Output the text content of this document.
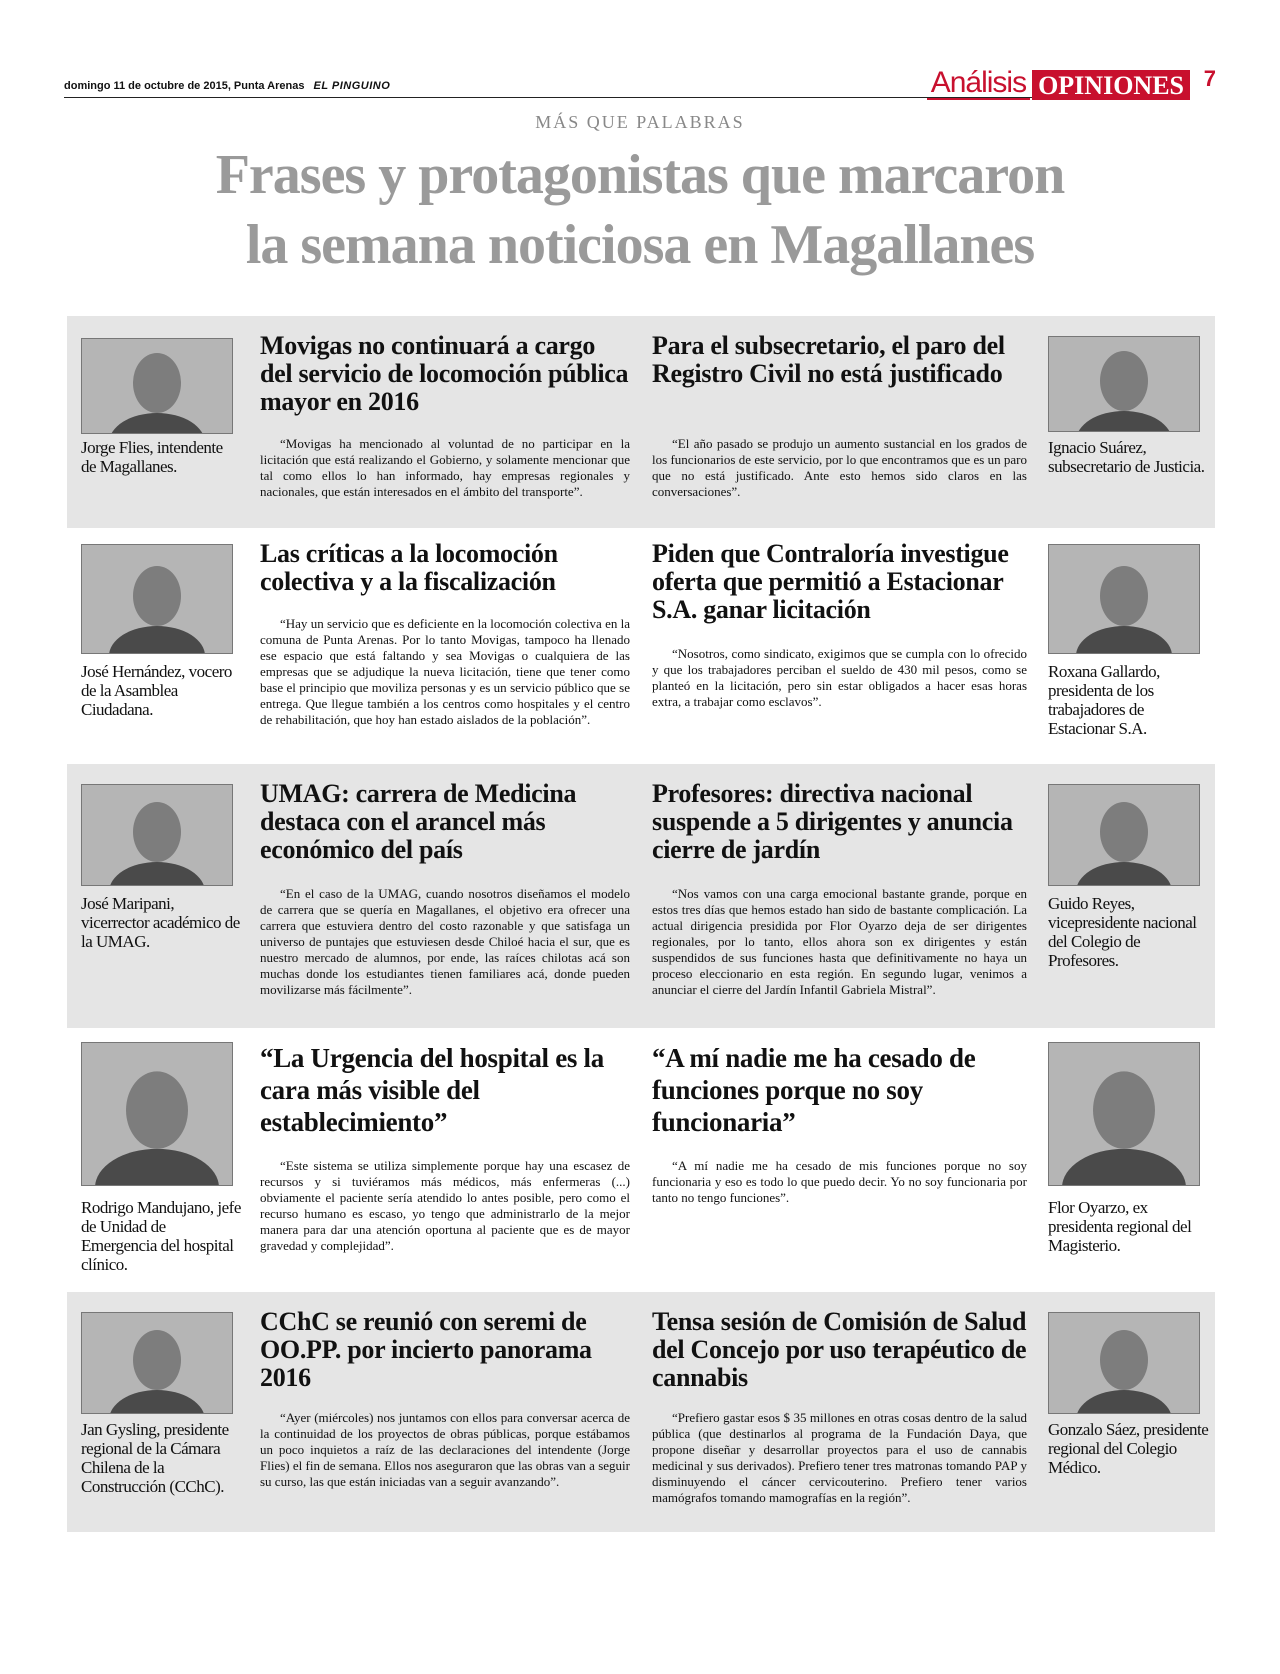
domingo 11 de octubre de 2015, Punta Arenas EL PINGUINO	Análisis OPINIONES 7
MÁS QUE PALABRAS
Frases y protagonistas que marcaron
la semana noticiosa en Magallanes
Jorge Flies, intendente de Magallanes.
Movigas no continuará a cargo del servicio de locomoción pública mayor en 2016
“Movigas ha mencionado al voluntad de no participar en la licitación que está realizando el Gobierno, y solamente mencionar que tal como ellos lo han informado, hay empresas regionales y nacionales, que están interesados en el ámbito del transporte”.
Para el subsecretario, el paro del Registro Civil no está justificado
“El año pasado se produjo un aumento sustancial en los grados de los funcionarios de este servicio, por lo que encontramos que es un paro que no está justificado. Ante esto hemos sido claros en las conversaciones”.
Ignacio Suárez, subsecretario de Justicia.
José Hernández, vocero de la Asamblea Ciudadana.
Las críticas a la locomoción colectiva y a la fiscalización
“Hay un servicio que es deficiente en la locomoción colectiva en la comuna de Punta Arenas. Por lo tanto Movigas, tampoco ha llenado ese espacio que está faltando y sea Movigas o cualquiera de las empresas que se adjudique la nueva licitación, tiene que tener como base el principio que moviliza personas y es un servicio público que se entrega. Que llegue también a los centros como hospitales y el centro de rehabilitación, que hoy han estado aislados de la población”.
Piden que Contraloría investigue oferta que permitió a Estacionar S.A. ganar licitación
“Nosotros, como sindicato, exigimos que se cumpla con lo ofrecido y que los trabajadores perciban el sueldo de 430 mil pesos, como se planteó en la licitación, pero sin estar obligados a hacer esas horas extra, a trabajar como esclavos”.
Roxana Gallardo, presidenta de los trabajadores de Estacionar S.A.
José Maripani, vicerrector académico de la UMAG.
UMAG: carrera de Medicina destaca con el arancel más económico del país
“En el caso de la UMAG, cuando nosotros diseñamos el modelo de carrera que se quería en Magallanes, el objetivo era ofrecer una carrera que estuviera dentro del costo razonable y que satisfaga un universo de puntajes que estuviesen desde Chiloé hacia el sur, que es nuestro mercado de alumnos, por ende, las raíces chilotas acá son muchas donde los estudiantes tienen familiares acá, donde pueden movilizarse más fácilmente”.
Profesores: directiva nacional suspende a 5 dirigentes y anuncia cierre de jardín
“Nos vamos con una carga emocional bastante grande, porque en estos tres días que hemos estado han sido de bastante complicación. La actual dirigencia presidida por Flor Oyarzo deja de ser dirigentes regionales, por lo tanto, ellos ahora son ex dirigentes y están suspendidos de sus funciones hasta que definitivamente no haya un proceso eleccionario en esta región. En segundo lugar, venimos a anunciar el cierre del Jardín Infantil Gabriela Mistral”.
Guido Reyes, vicepresidente nacional del Colegio de Profesores.
Rodrigo Mandujano, jefe de Unidad de Emergencia del hospital clínico.
“La Urgencia del hospital es la cara más visible del establecimiento”
“Este sistema se utiliza simplemente porque hay una escasez de recursos y si tuviéramos más médicos, más enfermeras (...) obviamente el paciente sería atendido lo antes posible, pero como el recurso humano es escaso, yo tengo que administrarlo de la mejor manera para dar una atención oportuna al paciente que es de mayor gravedad y complejidad”.
“A mí nadie me ha cesado de funciones porque no soy funcionaria”
“A mí nadie me ha cesado de mis funciones porque no soy funcionaria y eso es todo lo que puedo decir. Yo no soy funcionaria por tanto no tengo funciones”.
Flor Oyarzo, ex presidenta regional del Magisterio.
Jan Gysling, presidente regional de la Cámara Chilena de la Construcción (CChC).
CChC se reunió con seremi de OO.PP. por incierto panorama 2016
“Ayer (miércoles) nos juntamos con ellos para conversar acerca de la continuidad de los proyectos de obras públicas, porque estábamos un poco inquietos a raíz de las declaraciones del intendente (Jorge Flies) el fin de semana. Ellos nos aseguraron que las obras van a seguir su curso, las que están iniciadas van a seguir avanzando”.
Tensa sesión de Comisión de Salud del Concejo por uso terapéutico de cannabis
“Prefiero gastar esos $ 35 millones en otras cosas dentro de la salud pública (que destinarlos al programa de la Fundación Daya, que propone diseñar y desarrollar proyectos para el uso de cannabis medicinal y sus derivados). Prefiero tener tres matronas tomando PAP y disminuyendo el cáncer cervicouterino. Prefiero tener varios mamógrafos tomando mamografías en la región”.
Gonzalo Sáez, presidente regional del Colegio Médico.
